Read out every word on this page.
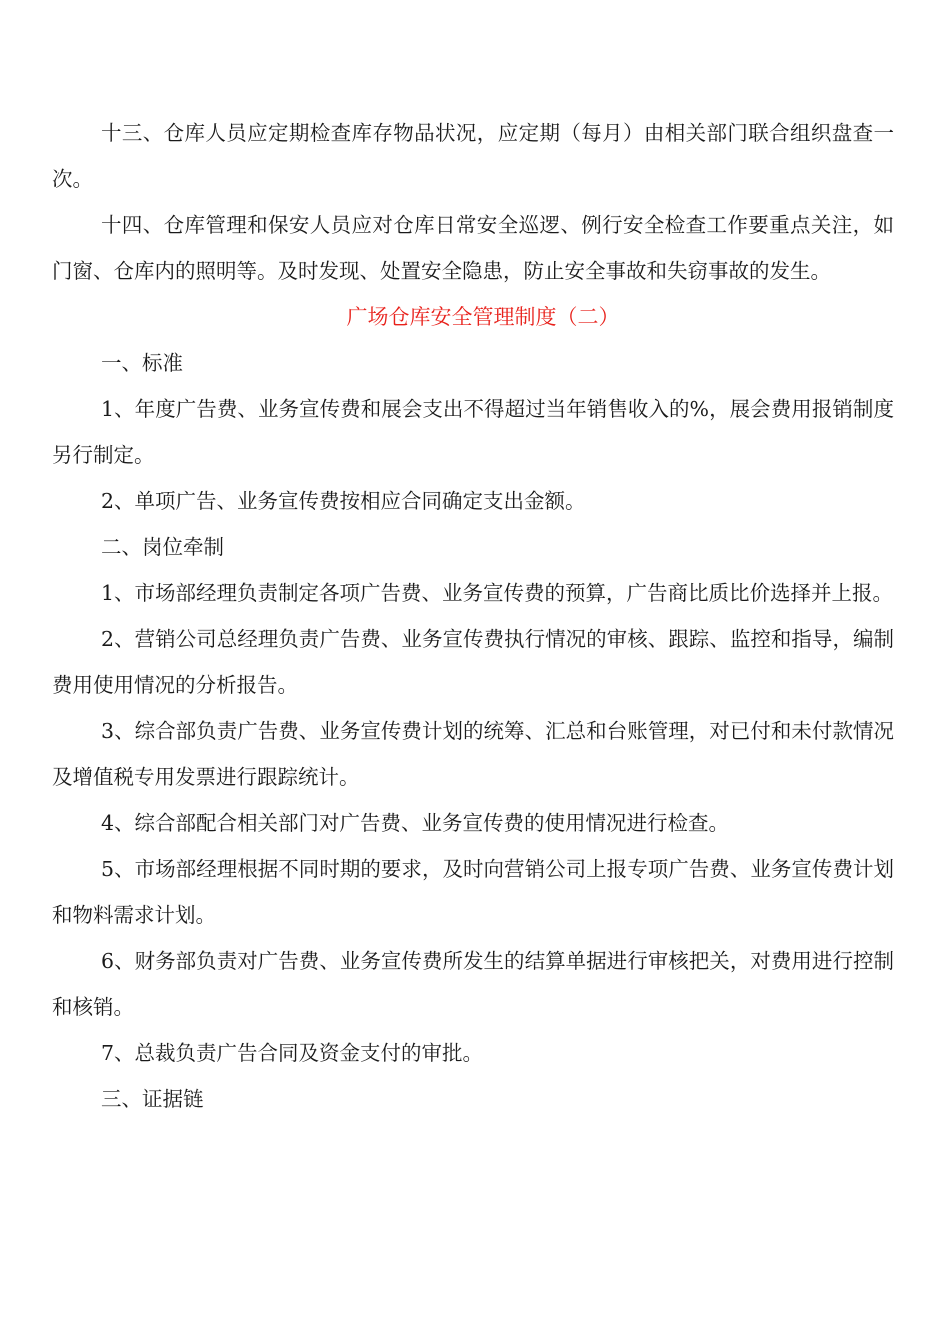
十三、仓库人员应定期检查库存物品状况，应定期（每月）由相关部门联合组织盘查一次。

十四、仓库管理和保安人员应对仓库日常安全巡逻、例行安全检查工作要重点关注，如门窗、仓库内的照明等。及时发现、处置安全隐患，防止安全事故和失窃事故的发生。

广场仓库安全管理制度（二）

一、标准

1、年度广告费、业务宣传费和展会支出不得超过当年销售收入的%，展会费用报销制度另行制定。

2、单项广告、业务宣传费按相应合同确定支出金额。

二、岗位牵制

1、市场部经理负责制定各项广告费、业务宣传费的预算，广告商比质比价选择并上报。

2、营销公司总经理负责广告费、业务宣传费执行情况的审核、跟踪、监控和指导，编制费用使用情况的分析报告。

3、综合部负责广告费、业务宣传费计划的统筹、汇总和台账管理，对已付和未付款情况及增值税专用发票进行跟踪统计。

4、综合部配合相关部门对广告费、业务宣传费的使用情况进行检查。

5、市场部经理根据不同时期的要求，及时向营销公司上报专项广告费、业务宣传费计划和物料需求计划。

6、财务部负责对广告费、业务宣传费所发生的结算单据进行审核把关，对费用进行控制和核销。

7、总裁负责广告合同及资金支付的审批。

三、证据链
